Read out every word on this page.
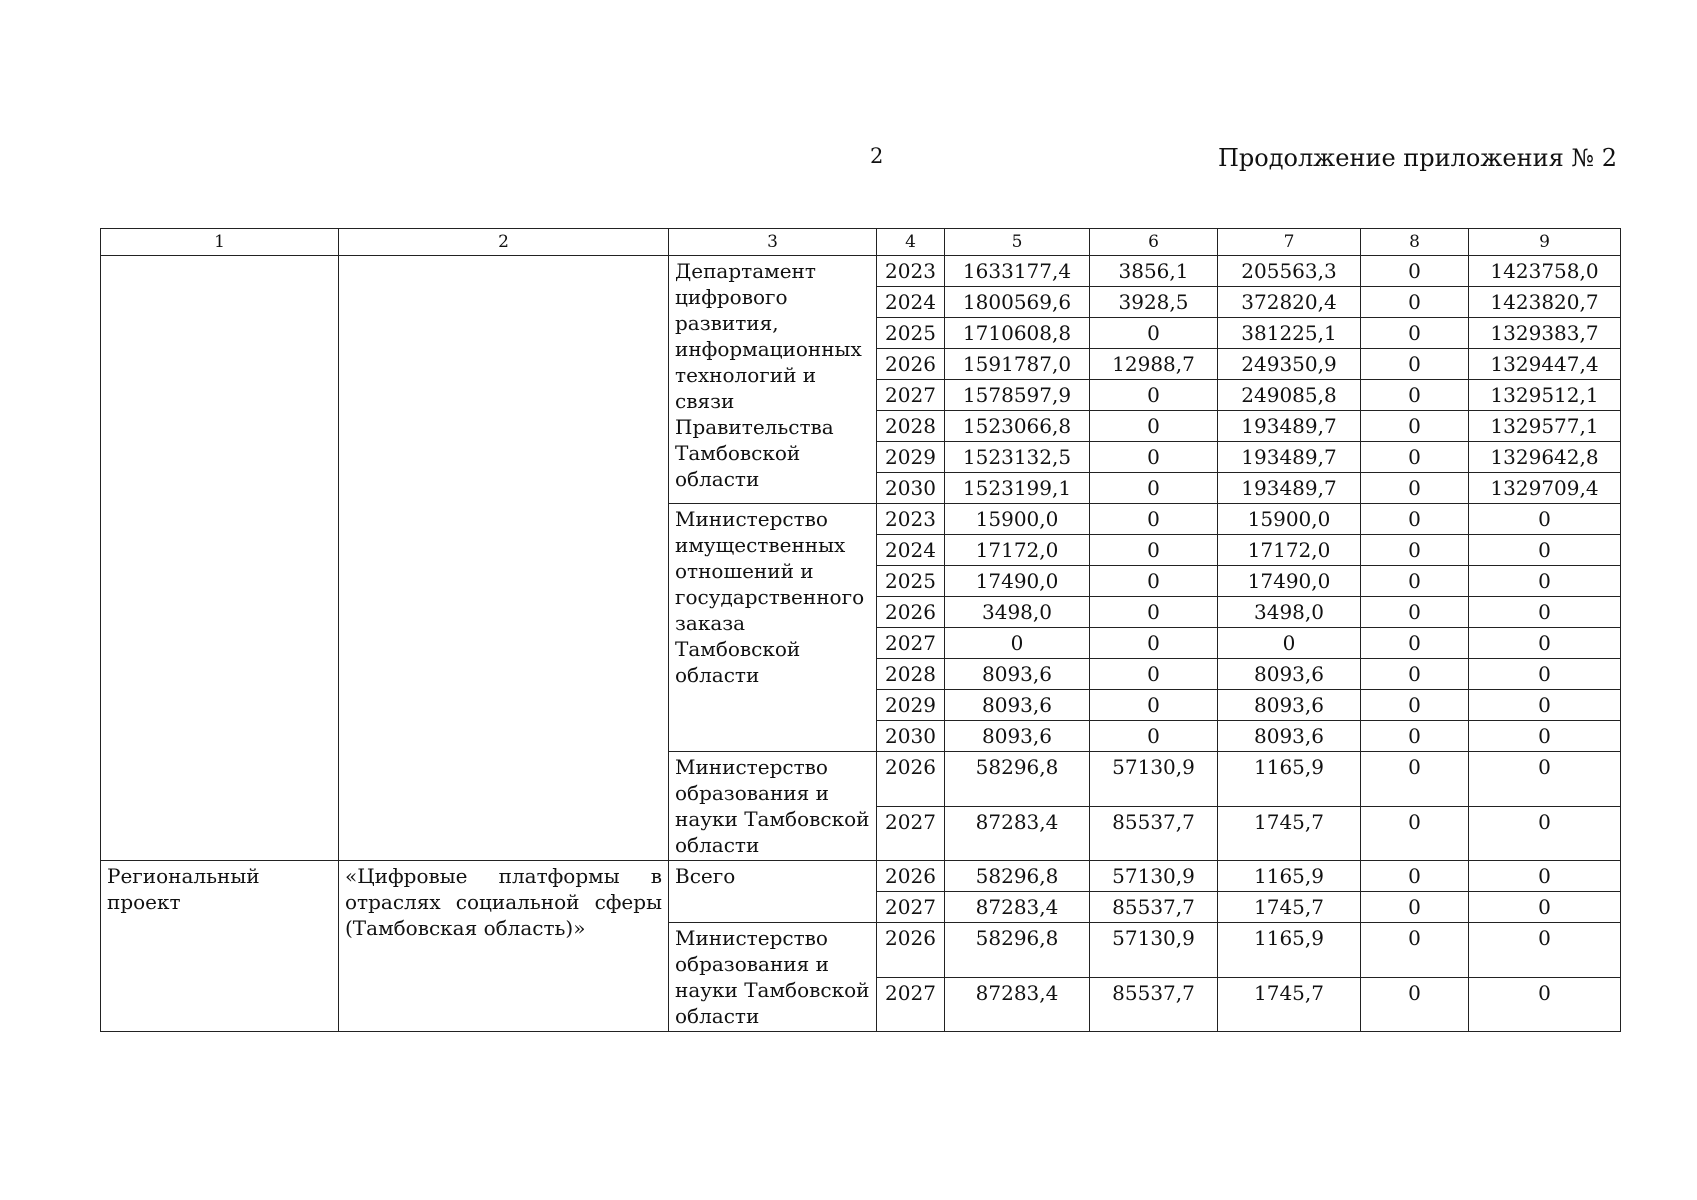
2	Продолжение приложения № 2
1	2	3	4	5	6	7	8	9
		Департамент цифрового развития, информационных технологий и связи Правительства Тамбовской области	2023	1633177,4	3856,1	205563,3	0	1423758,0
			2024	1800569,6	3928,5	372820,4	0	1423820,7
			2025	1710608,8	0	381225,1	0	1329383,7
			2026	1591787,0	12988,7	249350,9	0	1329447,4
			2027	1578597,9	0	249085,8	0	1329512,1
			2028	1523066,8	0	193489,7	0	1329577,1
			2029	1523132,5	0	193489,7	0	1329642,8
			2030	1523199,1	0	193489,7	0	1329709,4
		Министерство имущественных отношений и государственного заказа Тамбовской области	2023	15900,0	0	15900,0	0	0
			2024	17172,0	0	17172,0	0	0
			2025	17490,0	0	17490,0	0	0
			2026	3498,0	0	3498,0	0	0
			2027	0	0	0	0	0
			2028	8093,6	0	8093,6	0	0
			2029	8093,6	0	8093,6	0	0
			2030	8093,6	0	8093,6	0	0
		Министерство образования и науки Тамбовской области	2026	58296,8	57130,9	1165,9	0	0
			2027	87283,4	85537,7	1745,7	0	0
Региональный проект	«Цифровые платформы в отраслях социальной сферы (Тамбовская область)»	Всего	2026	58296,8	57130,9	1165,9	0	0
			2027	87283,4	85537,7	1745,7	0	0
		Министерство образования и науки Тамбовской области	2026	58296,8	57130,9	1165,9	0	0
			2027	87283,4	85537,7	1745,7	0	0
